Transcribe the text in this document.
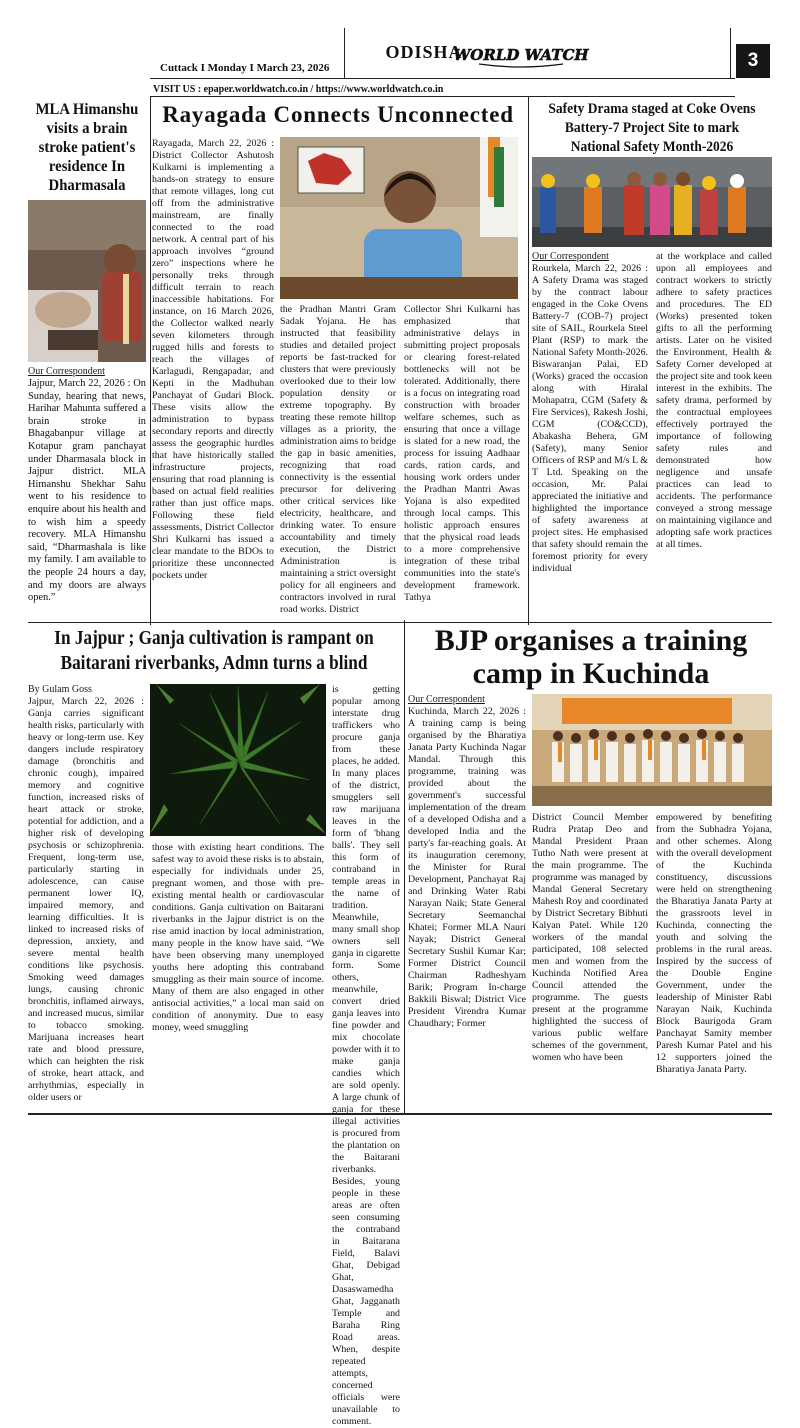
ODISHA
WORLD WATCH
Cuttack I Monday I March 23, 2026
VISIT US : epaper.worldwatch.co.in / https://www.worldwatch.co.in
3
MLA Himanshu visits a brain stroke patient's residence In Dharmasala
Our Correspondent

Jajpur, March 22, 2026 : On Sunday, hearing that news, Harihar Mahunta suffered a brain stroke in Bhagabanpur village at Kotapur gram panchayat under Dharmasala block in Jajpur district. MLA Himanshu Shekhar Sahu went to his residence to enquire about his health and to wish him a speedy recovery. MLA Himanshu said, “Dharmashala is like my family. I am available to the people 24 hours a day, and my doors are always open.”

Rayagada Connects Unconnected

Rayagada, March 22, 2026 : District Collector Ashutosh Kulkarni is implementing a hands-on strategy to ensure that remote villages, long cut off from the administrative mainstream, are finally connected to the road network. A central part of his approach involves “ground zero” inspections where he personally treks through difficult terrain to reach inaccessible habitations. For instance, on 16 March 2026, the Collector walked nearly seven kilometers through rugged hills and forests to reach the villages of Karlagudi, Rengapadar, and Kepti in the Madhuban Panchayat of Gudari Block. These visits allow the administration to bypass secondary reports and directly assess the geographic hurdles that have historically stalled infrastructure projects, ensuring that road planning is based on actual field realities rather than just office maps. Following these field assessments, District Collector Shri Kulkarni has issued a clear mandate to the BDOs to prioritize these unconnected pockets under

the Pradhan Mantri Gram Sadak Yojana. He has instructed that feasibility studies and detailed project reports be fast-tracked for clusters that were previously overlooked due to their low population density or extreme topography. By treating these remote hilltop villages as a priority, the administration aims to bridge the gap in basic amenities, recognizing that road connectivity is the essential precursor for delivering other critical services like electricity, healthcare, and drinking water. To ensure accountability and timely execution, the District Administration is maintaining a strict oversight policy for all engineers and contractors involved in rural road works. District

Collector Shri Kulkarni has emphasized that administrative delays in submitting project proposals or clearing forest-related bottlenecks will not be tolerated. Additionally, there is a focus on integrating road construction with broader welfare schemes, such as ensuring that once a village is slated for a new road, the process for issuing Aadhaar cards, ration cards, and housing work orders under the Pradhan Mantri Awas Yojana is also expedited through local camps. This holistic approach ensures that the physical road leads to a more comprehensive integration of these tribal communities into the state's development framework. Tathya

Safety Drama staged at Coke Ovens Battery-7 Project Site to mark National Safety Month-2026
Our Correspondent

Rourkela, March 22, 2026 : A Safety Drama was staged by the contract labour engaged in the Coke Ovens Battery-7 (COB-7) project site of SAIL, Rourkela Steel Plant (RSP) to mark the National Safety Month-2026. Biswaranjan Palai, ED (Works) graced the occasion along with Hiralal Mohapatra, CGM (Safety & Fire Services), Rakesh Joshi, CGM (CO&CCD), Abakasha Behera, GM (Safety), many Senior Officers of RSP and M/s L & T Ltd. Speaking on the occasion, Mr. Palai appreciated the initiative and highlighted the importance of safety awareness at project sites. He emphasised that safety should remain the foremost priority for every individual

at the workplace and called upon all employees and contract workers to strictly adhere to safety practices and procedures. The ED (Works) presented token gifts to all the performing artists. Later on he visited the Environment, Health & Safety Corner developed at the project site and took keen interest in the exhibits. The safety drama, performed by the contractual employees effectively portrayed the importance of following safety rules and demonstrated how negligence and unsafe practices can lead to accidents. The performance conveyed a strong message on maintaining vigilance and adopting safe work practices at all times.

In Jajpur ; Ganja cultivation is rampant on Baitarani riverbanks, Admn turns a blind
By Gulam Goss

Jajpur, March 22, 2026 : Ganja carries significant health risks, particularly with heavy or long-term use. Key dangers include respiratory damage (bronchitis and chronic cough), impaired memory and cognitive function, increased risks of heart attack or stroke, potential for addiction, and a higher risk of developing psychosis or schizophrenia. Frequent, long-term use, particularly starting in adolescence, can cause permanent lower IQ, impaired memory, and learning difficulties. It is linked to increased risks of depression, anxiety, and severe mental health conditions like psychosis. Smoking weed damages lungs, causing chronic bronchitis, inflamed airways, and increased mucus, similar to tobacco smoking. Marijuana increases heart rate and blood pressure, which can heighten the risk of stroke, heart attack, and arrhythmias, especially in older users or

those with existing heart conditions. The safest way to avoid these risks is to abstain, especially for individuals under 25, pregnant women, and those with pre-existing mental health or cardiovascular conditions. Ganja cultivation on Baitarani riverbanks in the Jajpur district is on the rise amid inaction by local administration, many people in the know have said. “We have been observing many unemployed youths here adopting this contraband smuggling as their main source of income. Many of them are also engaged in other antisocial activities,” a local man said on condition of anonymity. Due to easy money, weed smuggling

is getting popular among interstate drug traffickers who procure ganja from these places, he added. In many places of the district, smugglers sell raw marijuana leaves in the form of 'bhang balls'. They sell this form of contraband in temple areas in the name of tradition. Meanwhile, many small shop owners sell ganja in cigarette form. Some others, meanwhile, convert dried ganja leaves into fine powder and mix chocolate powder with it to make ganja candies which are sold openly. A large chunk of ganja for these illegal activities is procured from the plantation on the Baitarani riverbanks. Besides, young people in these areas are often seen consuming the contraband in Baitarana Field, Balavi Ghat, Debigad Ghat, Dasaswamedha Ghat, Jagganath Temple and Baraha Ring Road areas. When, despite repeated attempts, concerned officials were unavailable to comment.

BJP organises a training camp in Kuchinda
Our Correspondent

Kuchinda, March 22, 2026 : A training camp is being organised by the Bharatiya Janata Party Kuchinda Nagar Mandal. Through this programme, training was provided about the government's successful implementation of the dream of a developed Odisha and a developed India and the party's far-reaching goals. At its inauguration ceremony, the Minister for Rural Development, Panchayat Raj and Drinking Water Rabi Narayan Naik; State General Secretary Seemanchal Khatei; Former MLA Nauri Nayak; District General Secretary Sushil Kumar Kar; Former District Council Chairman Radheshyam Barik; Program In-charge Bakkili Biswal; District Vice President Virendra Kumar Chaudhary; Former

District Council Member Rudra Pratap Deo and Mandal President Praan Tutho Nath were present at the main programme. The programme was managed by Mandal General Secretary Mahesh Roy and coordinated by District Secretary Bibhuti Kalyan Patel. While 120 workers of the mandal participated, 108 selected men and women from the Kuchinda Notified Area Council attended the programme. The guests present at the programme highlighted the success of various public welfare schemes of the government, women who have been

empowered by benefiting from the Subhadra Yojana, and other schemes. Along with the overall development of the Kuchinda constituency, discussions were held on strengthening the Bharatiya Janata Party at the grassroots level in Kuchinda, connecting the youth and solving the problems in the rural areas. Inspired by the success of the Double Engine Government, under the leadership of Minister Rabi Narayan Naik, Kuchinda Block Baurigoda Gram Panchayat Samity member Paresh Kumar Patel and his 12 supporters joined the Bharatiya Janata Party.
